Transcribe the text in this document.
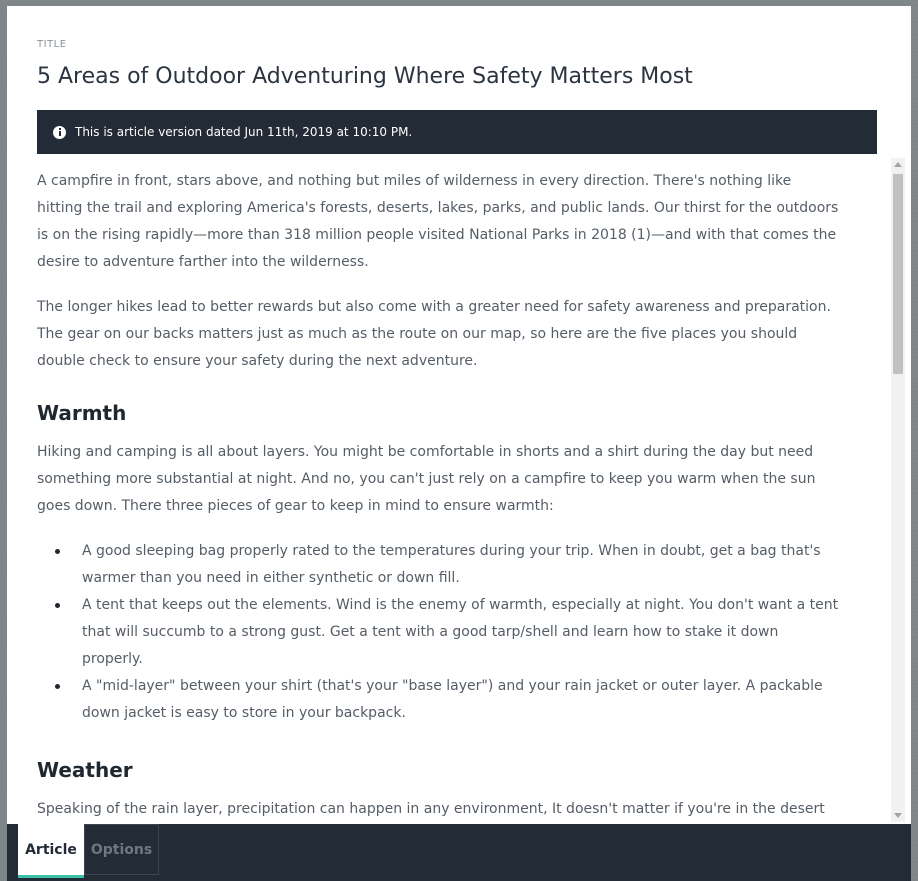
TITLE
5 Areas of Outdoor Adventuring Where Safety Matters Most
This is article version dated Jun 11th, 2019 at 10:10 PM.

A campfire in front, stars above, and nothing but miles of wilderness in every direction. There's nothing like hitting the trail and exploring America's forests, deserts, lakes, parks, and public lands. Our thirst for the outdoors is on the rising rapidly—more than 318 million people visited National Parks in 2018 (1)—and with that comes the desire to adventure farther into the wilderness.

The longer hikes lead to better rewards but also come with a greater need for safety awareness and preparation. The gear on our backs matters just as much as the route on our map, so here are the five places you should double check to ensure your safety during the next adventure.

Warmth

Hiking and camping is all about layers. You might be comfortable in shorts and a shirt during the day but need something more substantial at night. And no, you can't just rely on a campfire to keep you warm when the sun goes down. There three pieces of gear to keep in mind to ensure warmth:

A good sleeping bag properly rated to the temperatures during your trip. When in doubt, get a bag that's warmer than you need in either synthetic or down fill.
A tent that keeps out the elements. Wind is the enemy of warmth, especially at night. You don't want a tent that will succumb to a strong gust. Get a tent with a good tarp/shell and learn how to stake it down properly.
A "mid-layer" between your shirt (that's your "base layer") and your rain jacket or outer layer. A packable down jacket is easy to store in your backpack.
Weather

Speaking of the rain layer, precipitation can happen in any environment, It doesn't matter if you're in the desert

Article Options
